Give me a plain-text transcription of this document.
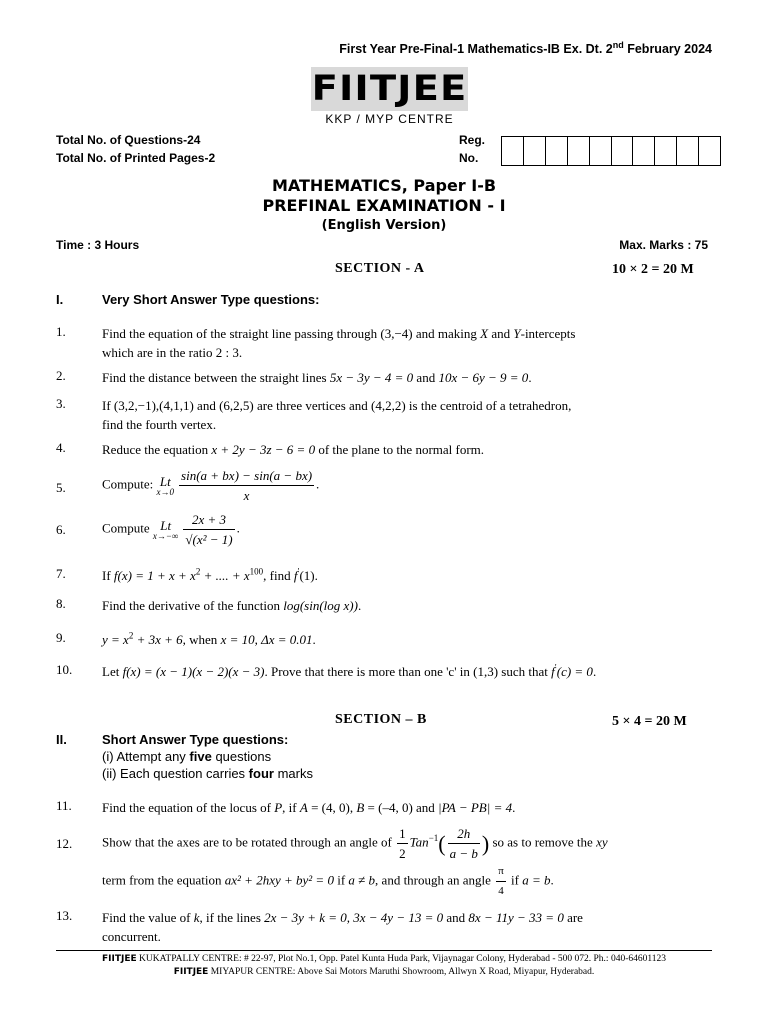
First Year Pre-Final-1 Mathematics-IB Ex. Dt. 2nd February 2024
FIITJEE
KKP / MYP CENTRE
Total No. of Questions-24
Total No. of Printed Pages-2
Reg.
No.
MATHEMATICS, Paper I-B
PREFINAL EXAMINATION - I
(English Version)
Time : 3 Hours	Max. Marks : 75
SECTION - A	10 × 2 = 20 M
I.	Very Short Answer Type questions:
1.	Find the equation of the straight line passing through (3,−4) and making X and Y-intercepts
which are in the ratio 2 : 3.
2.	Find the distance between the straight lines 5x − 3y − 4 = 0 and 10x − 6y − 9 = 0.
3.	If (3,2,−1),(4,1,1) and (6,2,5) are three vertices and (4,2,2) is the centroid of a tetrahedron,
find the fourth vertex.
4.	Reduce the equation x + 2y − 3z − 6 = 0 of the plane to the normal form.
5.	Compute: Lt
$x\to 0 \frac{\sin(a + bx) - \sin(a - bx)}{x}$ .
6.	Compute Lt
$x\to-\infty \frac{2x + 3}{\text{√(x² − 1)}}$ .
7.	If $f(x) = 1 + x + x^2$ + .... + $x^{100}$, find f′(1).
8.	Find the derivative of the function log(sin(log x)).
9.	$y = x^2 + 3x + 6$, when x = 10, Δx = 0.01.
10. Let f(x) = (x − 1)(x − 2)(x − 3). Prove that there is more than one 'c' in (1,3) such that f′(c) = 0.
SECTION – B	5 × 4 = 20 M
II.	Short Answer Type questions:
(i) Attempt any five questions
(ii) Each question carries four marks
11. Find the equation of the locus of P, if A = (4, 0), B = (–4, 0) and |PA − PB| = 4.
12. Show that the axes are to be rotated through an angle of $\frac{1}{2} Tan^{-1}( \frac{2h}{a - b}$ ) so as to remove the xy
term from the equation ax² + 2hxy + by² = 0 if a ≠ b, and through an angle $\frac{\pi}{4}$ if a = b.
13. Find the value of k, if the lines 2x − 3y + k = 0, 3x − 4y − 13 = 0 and 8x − 11y − 33 = 0 are
concurrent.
FIITJEE KUKATPALLY CENTRE: # 22-97, Plot No.1, Opp. Patel Kunta Huda Park, Vijaynagar Colony, Hyderabad - 500 072. Ph.: 040-64601123
FIITJEE MIYAPUR CENTRE: Above Sai Motors Maruthi Showroom, Allwyn X Road, Miyapur, Hyderabad.
